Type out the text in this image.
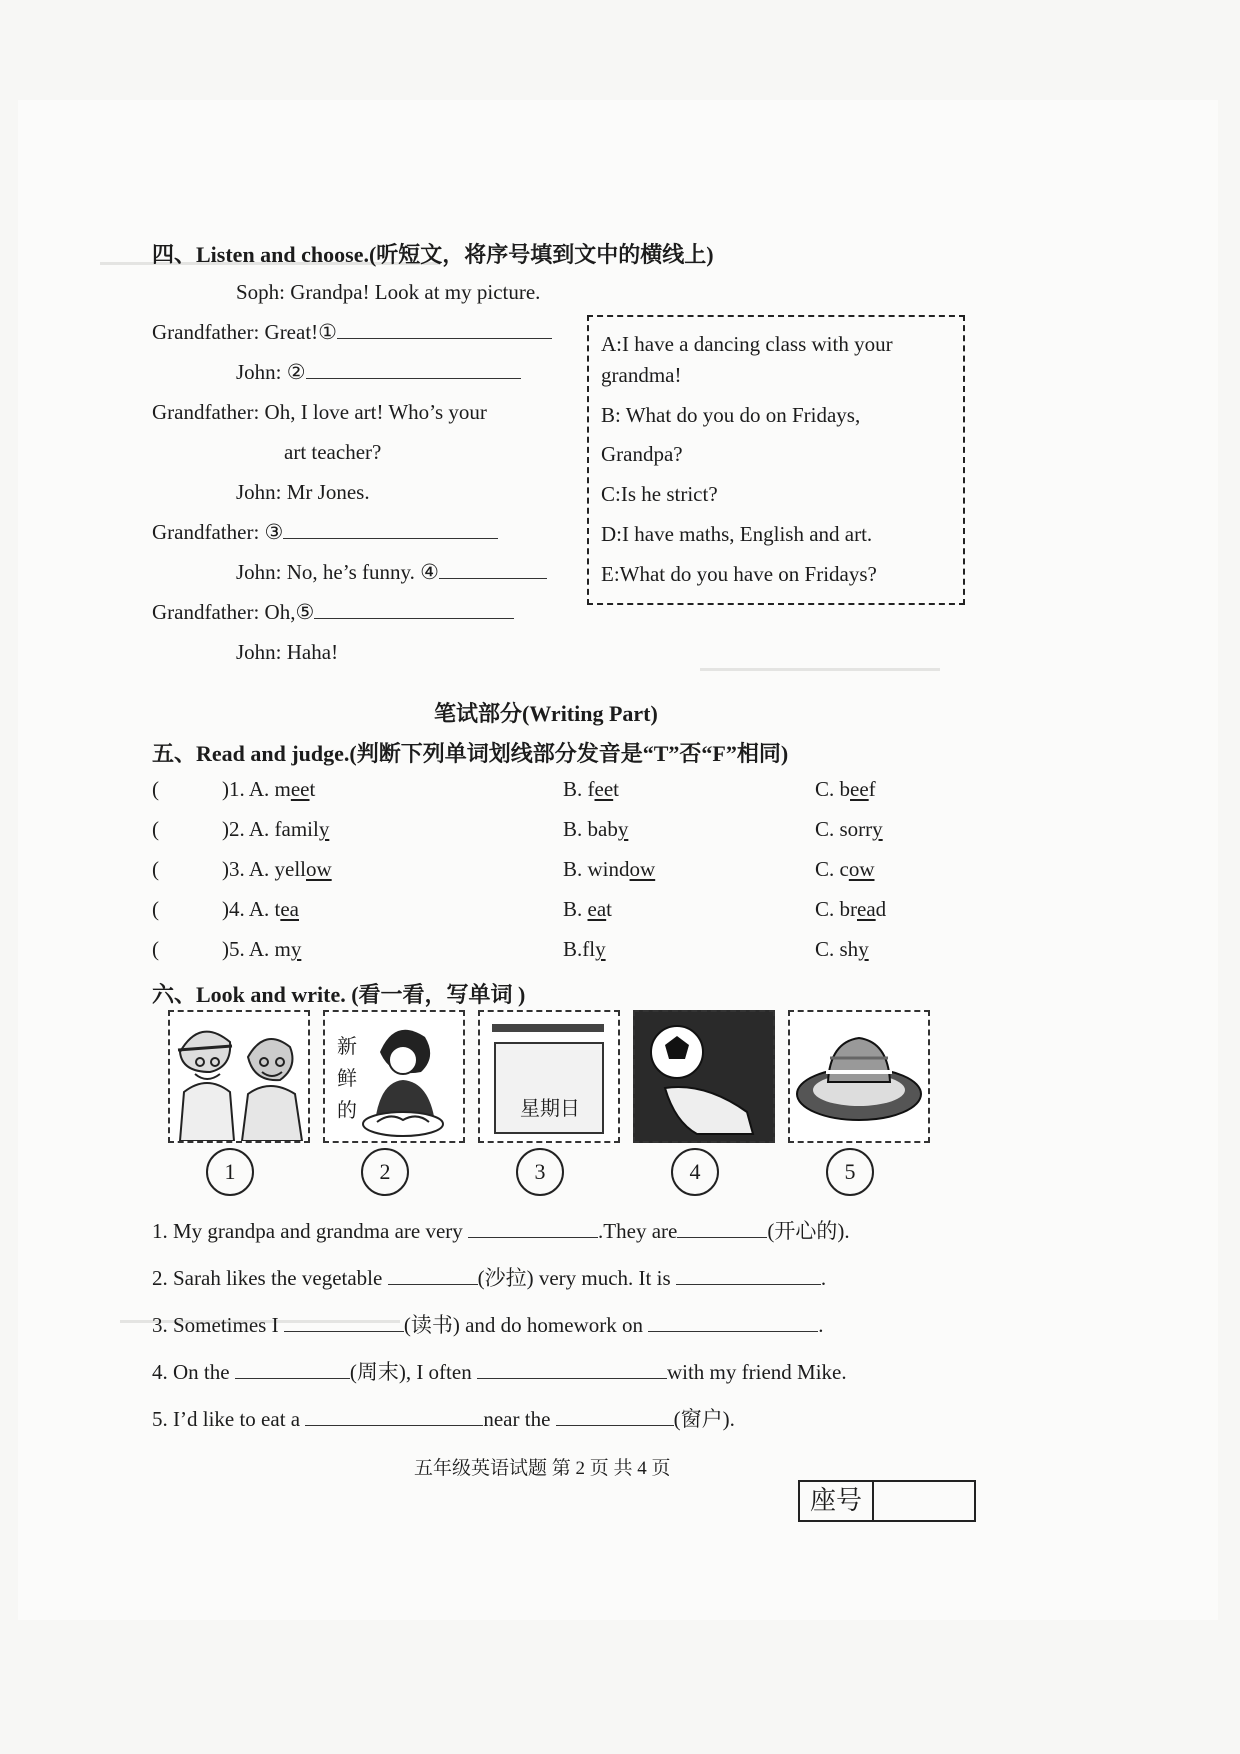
四、Listen and choose.(听短文，将序号填到文中的横线上)
Soph: Grandpa! Look at my picture.
Grandfather: Great!①
John: ②
Grandfather: Oh, I love art! Who’s your
art teacher?
John: Mr Jones.
Grandfather: ③
John: No, he’s funny. ④
Grandfather: Oh,⑤
John: Haha!
A:I have a dancing class with your
grandma!
B: What do you do on Fridays,
Grandpa?
C:Is he strict?
D:I have maths, English and art.
E:What do you have on Fridays?
笔试部分(Writing Part)
五、Read and judge.(判断下列单词划线部分发音是“T”否“F”相同)
(	)1. A. meet	B. feet	C. beef
(	)2. A. family	B. baby	C. sorry
(	)3. A. yellow	B. window	C. cow
(	)4. A. tea	B. eat	C. bread
(	)5. A. my	B.fly	C. shy
六、Look and write. (看一看，写单词 )
1
新
鲜
的
2
星期日
3	4	5
1. My grandpa and grandma are very	.They are	(开心的).
2. Sarah likes the vegetable	(沙拉) very much. It is	.
3. Sometimes I	(读书) and do homework on	.
4. On the	(周末), I often	with my friend Mike.
5. I’d like to eat a	near the	(窗户).
五年级英语试题 第 2 页 共 4 页
座号
